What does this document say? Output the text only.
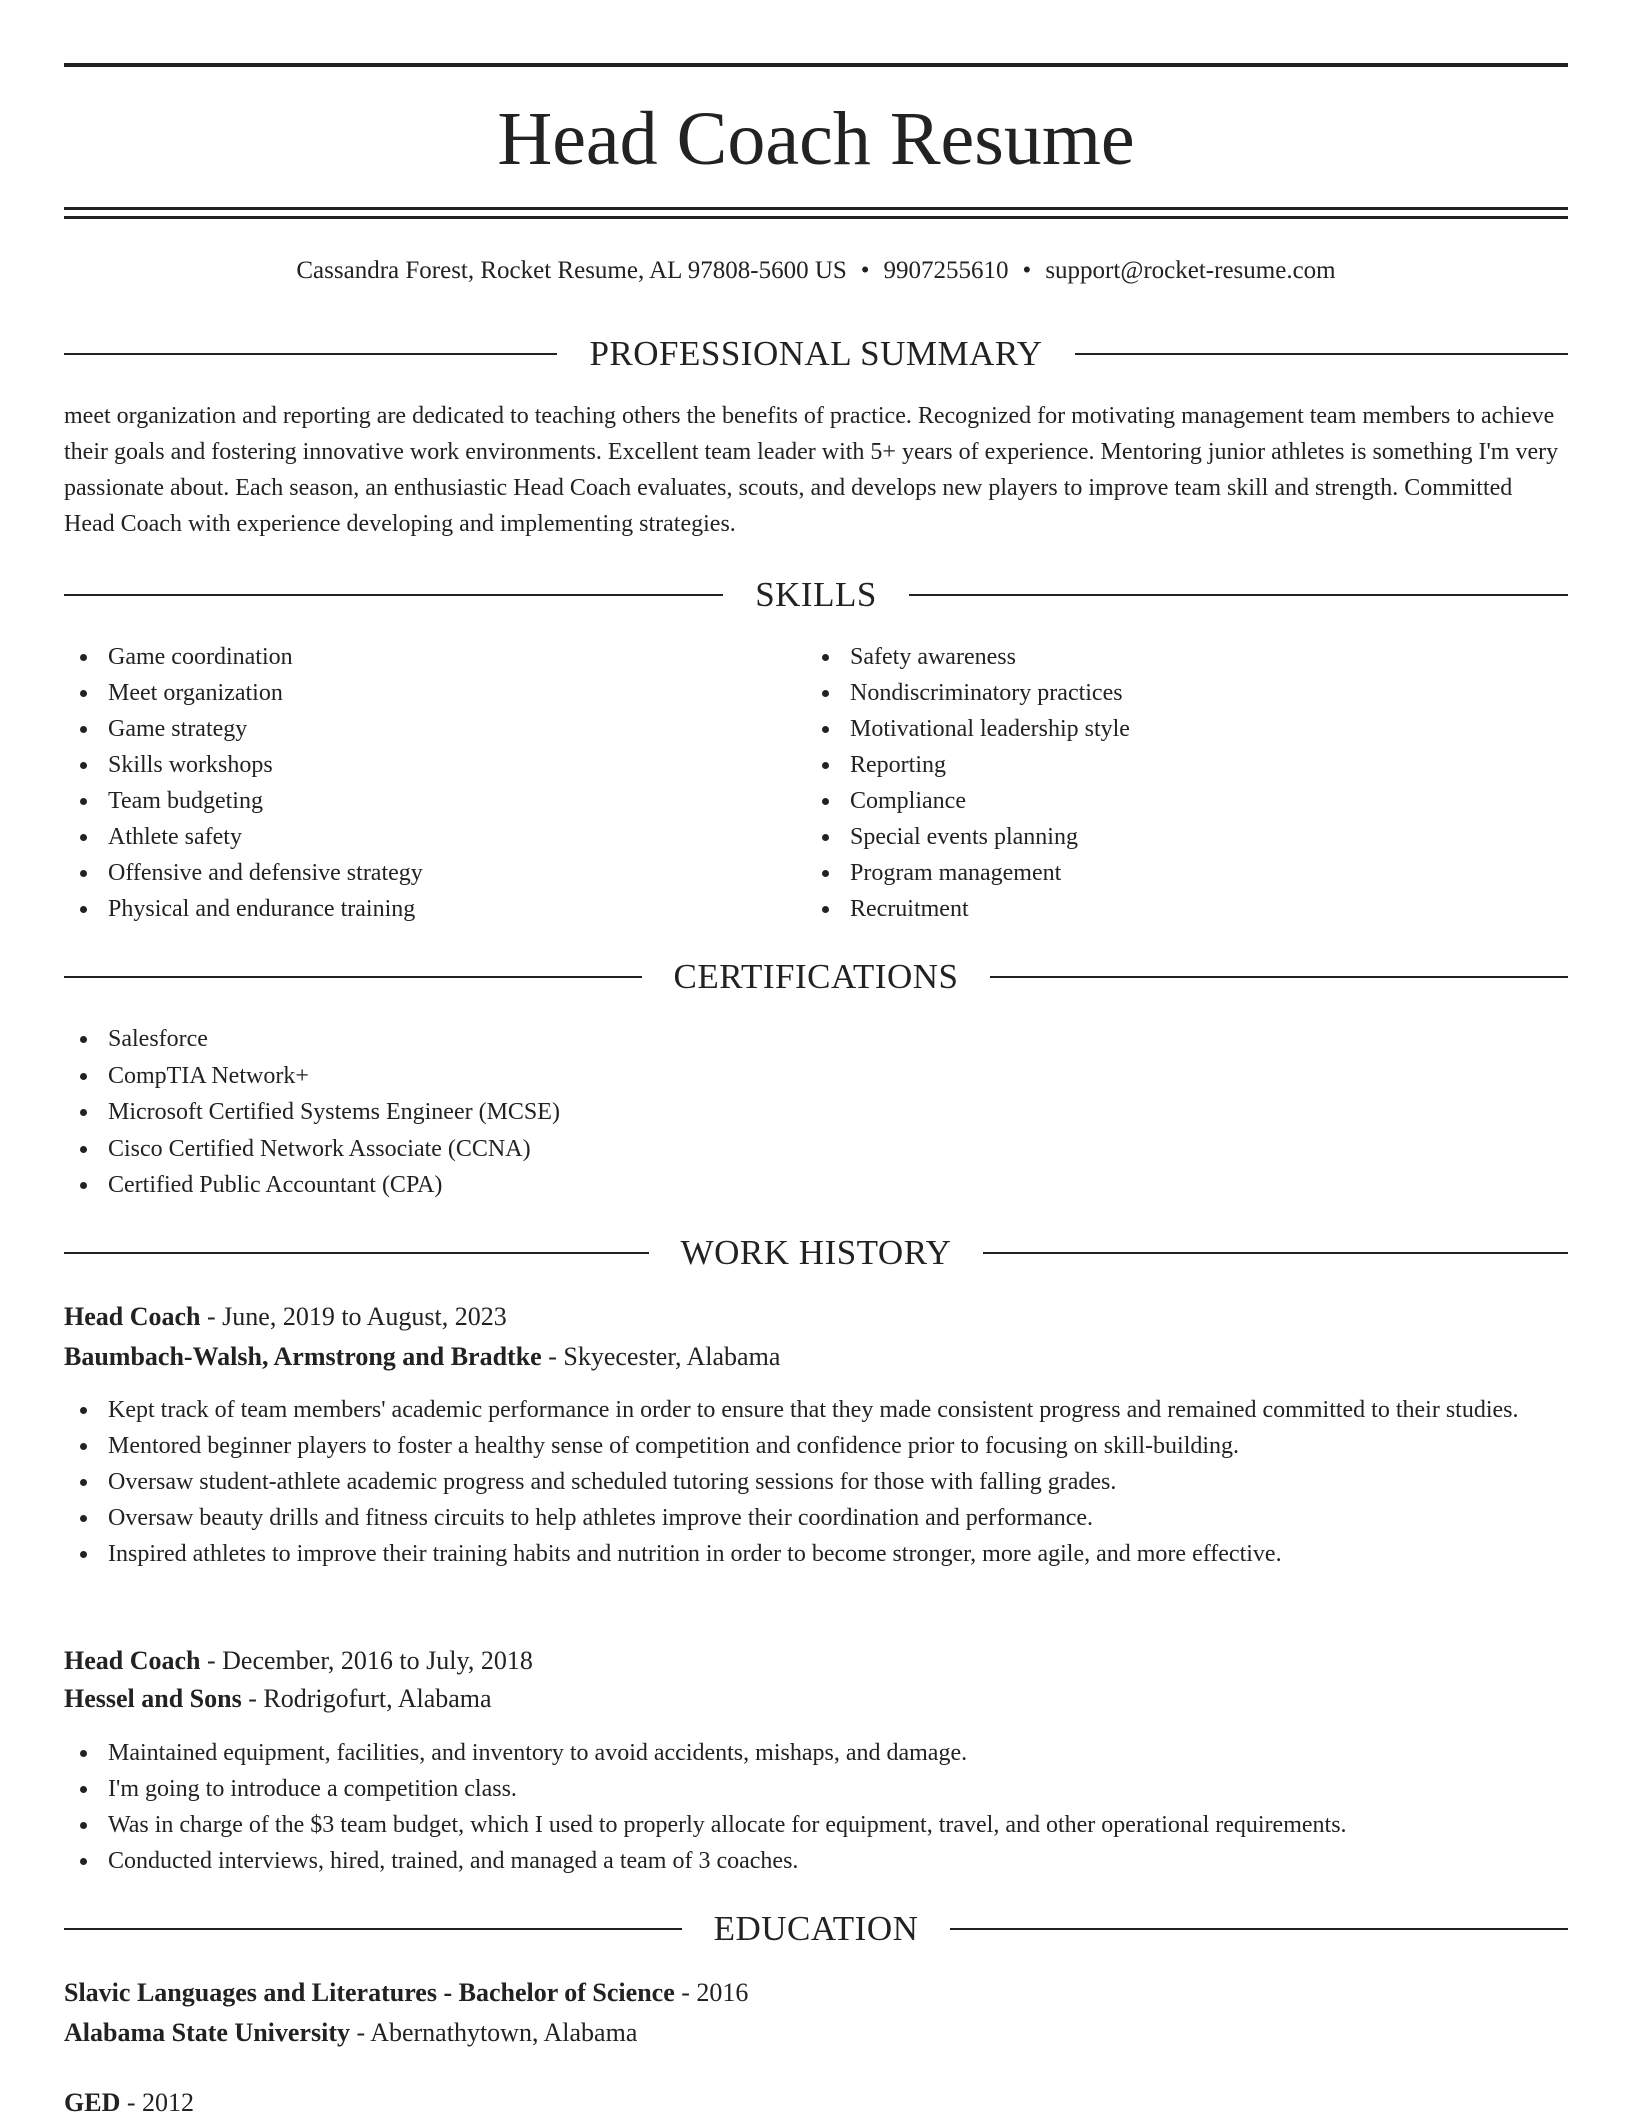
Head Coach Resume
Cassandra Forest, Rocket Resume, AL 97808-5600 US • 9907255610 • support@rocket-resume.com
PROFESSIONAL SUMMARY

meet organization and reporting are dedicated to teaching others the benefits of practice. Recognized for motivating management team members to achieve their goals and fostering innovative work environments. Excellent team leader with 5+ years of experience. Mentoring junior athletes is something I'm very passionate about. Each season, an enthusiastic Head Coach evaluates, scouts, and develops new players to improve team skill and strength. Committed Head Coach with experience developing and implementing strategies.

SKILLS
Game coordination
Meet organization
Game strategy
Skills workshops
Team budgeting
Athlete safety
Offensive and defensive strategy
Physical and endurance training
Safety awareness
Nondiscriminatory practices
Motivational leadership style
Reporting
Compliance
Special events planning
Program management
Recruitment
CERTIFICATIONS
Salesforce
CompTIA Network+
Microsoft Certified Systems Engineer (MCSE)
Cisco Certified Network Associate (CCNA)
Certified Public Accountant (CPA)
WORK HISTORY

Head Coach - June, 2019 to August, 2023

Baumbach-Walsh, Armstrong and Bradtke - Skyecester, Alabama

Kept track of team members' academic performance in order to ensure that they made consistent progress and remained committed to their studies.
Mentored beginner players to foster a healthy sense of competition and confidence prior to focusing on skill-building.
Oversaw student-athlete academic progress and scheduled tutoring sessions for those with falling grades.
Oversaw beauty drills and fitness circuits to help athletes improve their coordination and performance.
Inspired athletes to improve their training habits and nutrition in order to become stronger, more agile, and more effective.

Head Coach - December, 2016 to July, 2018

Hessel and Sons - Rodrigofurt, Alabama

Maintained equipment, facilities, and inventory to avoid accidents, mishaps, and damage.
I'm going to introduce a competition class.
Was in charge of the $3 team budget, which I used to properly allocate for equipment, travel, and other operational requirements.
Conducted interviews, hired, trained, and managed a team of 3 coaches.
EDUCATION

Slavic Languages and Literatures - Bachelor of Science - 2016

Alabama State University - Abernathytown, Alabama

GED - 2012
